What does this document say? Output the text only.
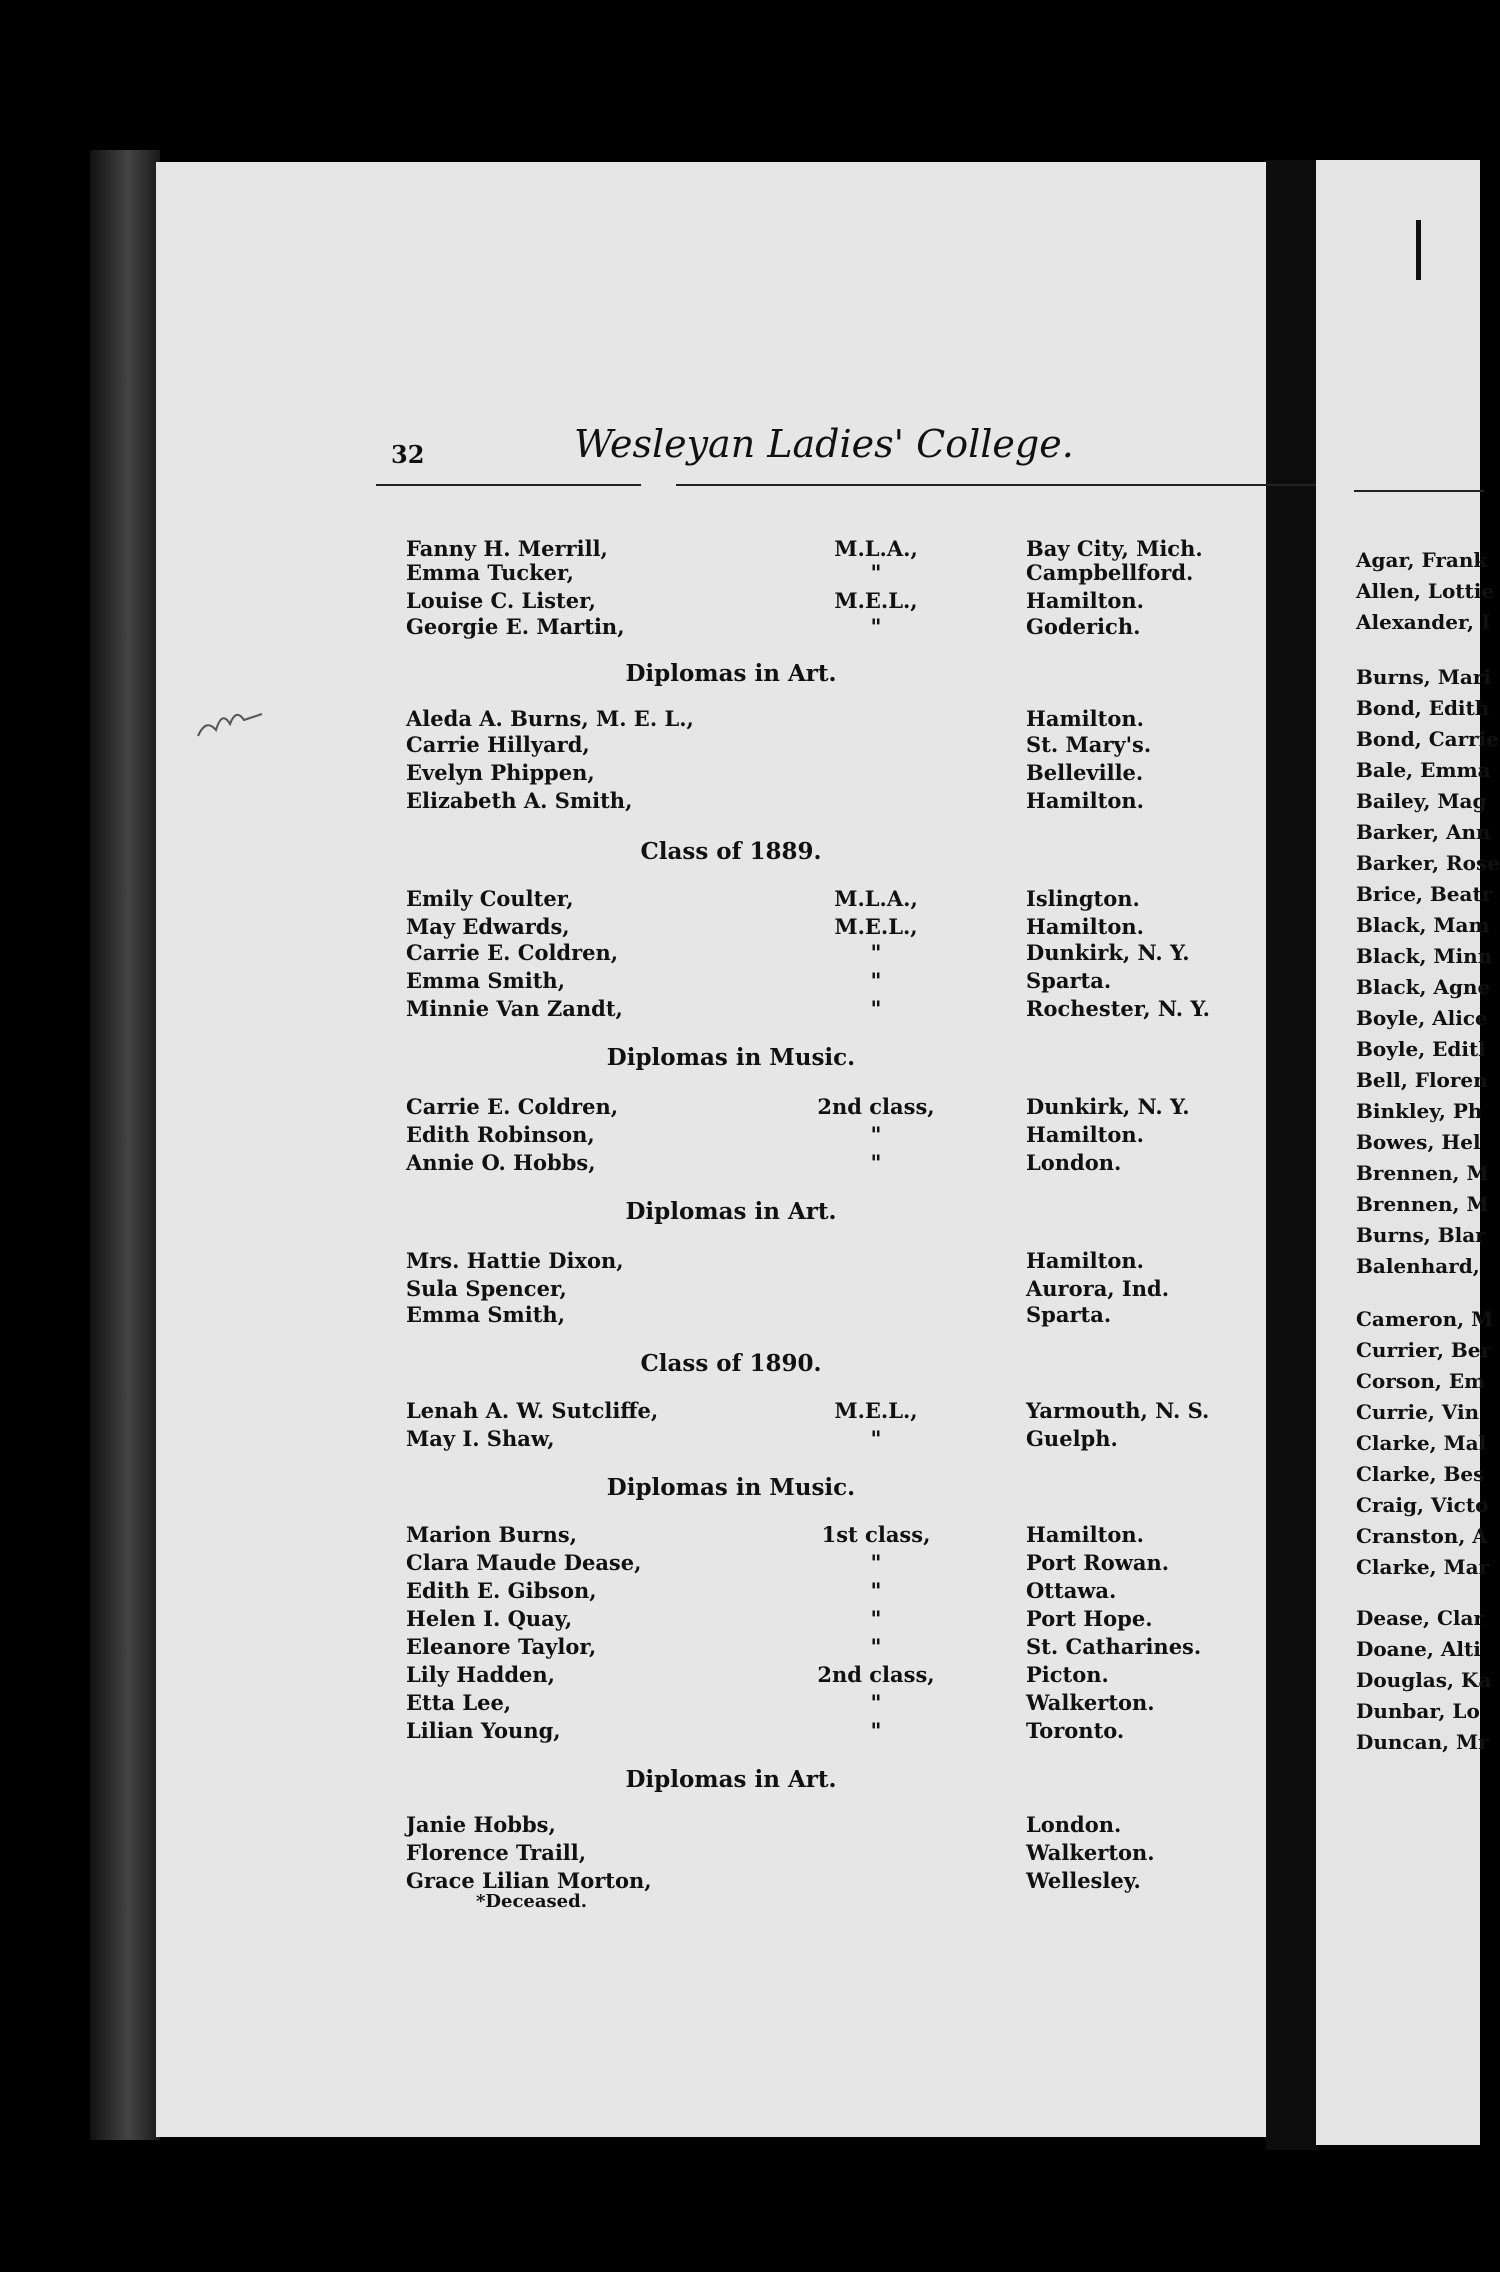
32	Wesleyan Ladies' College.
Fanny H. Merrill,	M.L.A.,	Bay City, Mich.
Emma Tucker,	"	Campbellford.
Louise C. Lister,	M.E.L.,	Hamilton.
Georgie E. Martin,	"	Goderich.
Diplomas in Art.
Aleda A. Burns, M. E. L.,	Hamilton.
Carrie Hillyard,	St. Mary's.
Evelyn Phippen,	Belleville.
Elizabeth A. Smith,	Hamilton.
Class of 1889.
Emily Coulter,	M.L.A.,	Islington.
May Edwards,	M.E.L.,	Hamilton.
Carrie E. Coldren,	"	Dunkirk, N. Y.
Emma Smith,	"	Sparta.
Minnie Van Zandt,	"	Rochester, N. Y.
Diplomas in Music.
Carrie E. Coldren,	2nd class,	Dunkirk, N. Y.
Edith Robinson,	"	Hamilton.
Annie O. Hobbs,	"	London.
Diplomas in Art.
Mrs. Hattie Dixon,	Hamilton.
Sula Spencer,	Aurora, Ind.
Emma Smith,	Sparta.
Class of 1890.
Lenah A. W. Sutcliffe,	M.E.L.,	Yarmouth, N. S.
May I. Shaw,	"	Guelph.
Diplomas in Music.
Marion Burns,	1st class,	Hamilton.
Clara Maude Dease,	"	Port Rowan.
Edith E. Gibson,	"	Ottawa.
Helen I. Quay,	"	Port Hope.
Eleanore Taylor,	"	St. Catharines.
Lily Hadden,	2nd class,	Picton.
Etta Lee,	"	Walkerton.
Lilian Young,	"	Toronto.
Diplomas in Art.
Janie Hobbs,	London.
Florence Traill,	Walkerton.
Grace Lilian Morton,	Wellesley.
*Deceased.
Agar, Frank
Allen, Lottie
Alexander, I
Burns, Mari
Bond, Edith
Bond, Carrie
Bale, Emma
Bailey, Mag
Barker, Ann
Barker, Rose
Brice, Beatr
Black, Mam
Black, Minn
Black, Agne
Boyle, Alice
Boyle, Editl
Bell, Floren
Binkley, Ph
Bowes, Hel
Brennen, M
Brennen, M
Burns, Blar
Balenhard,
Cameron, M
Currier, Ber
Corson, Em
Currie, Vin
Clarke, Mal
Clarke, Bes
Craig, Victo
Cranston, A
Clarke, Mar
Dease, Clar
Doane, Alti
Douglas, Ka
Dunbar, Lo
Duncan, Mr
